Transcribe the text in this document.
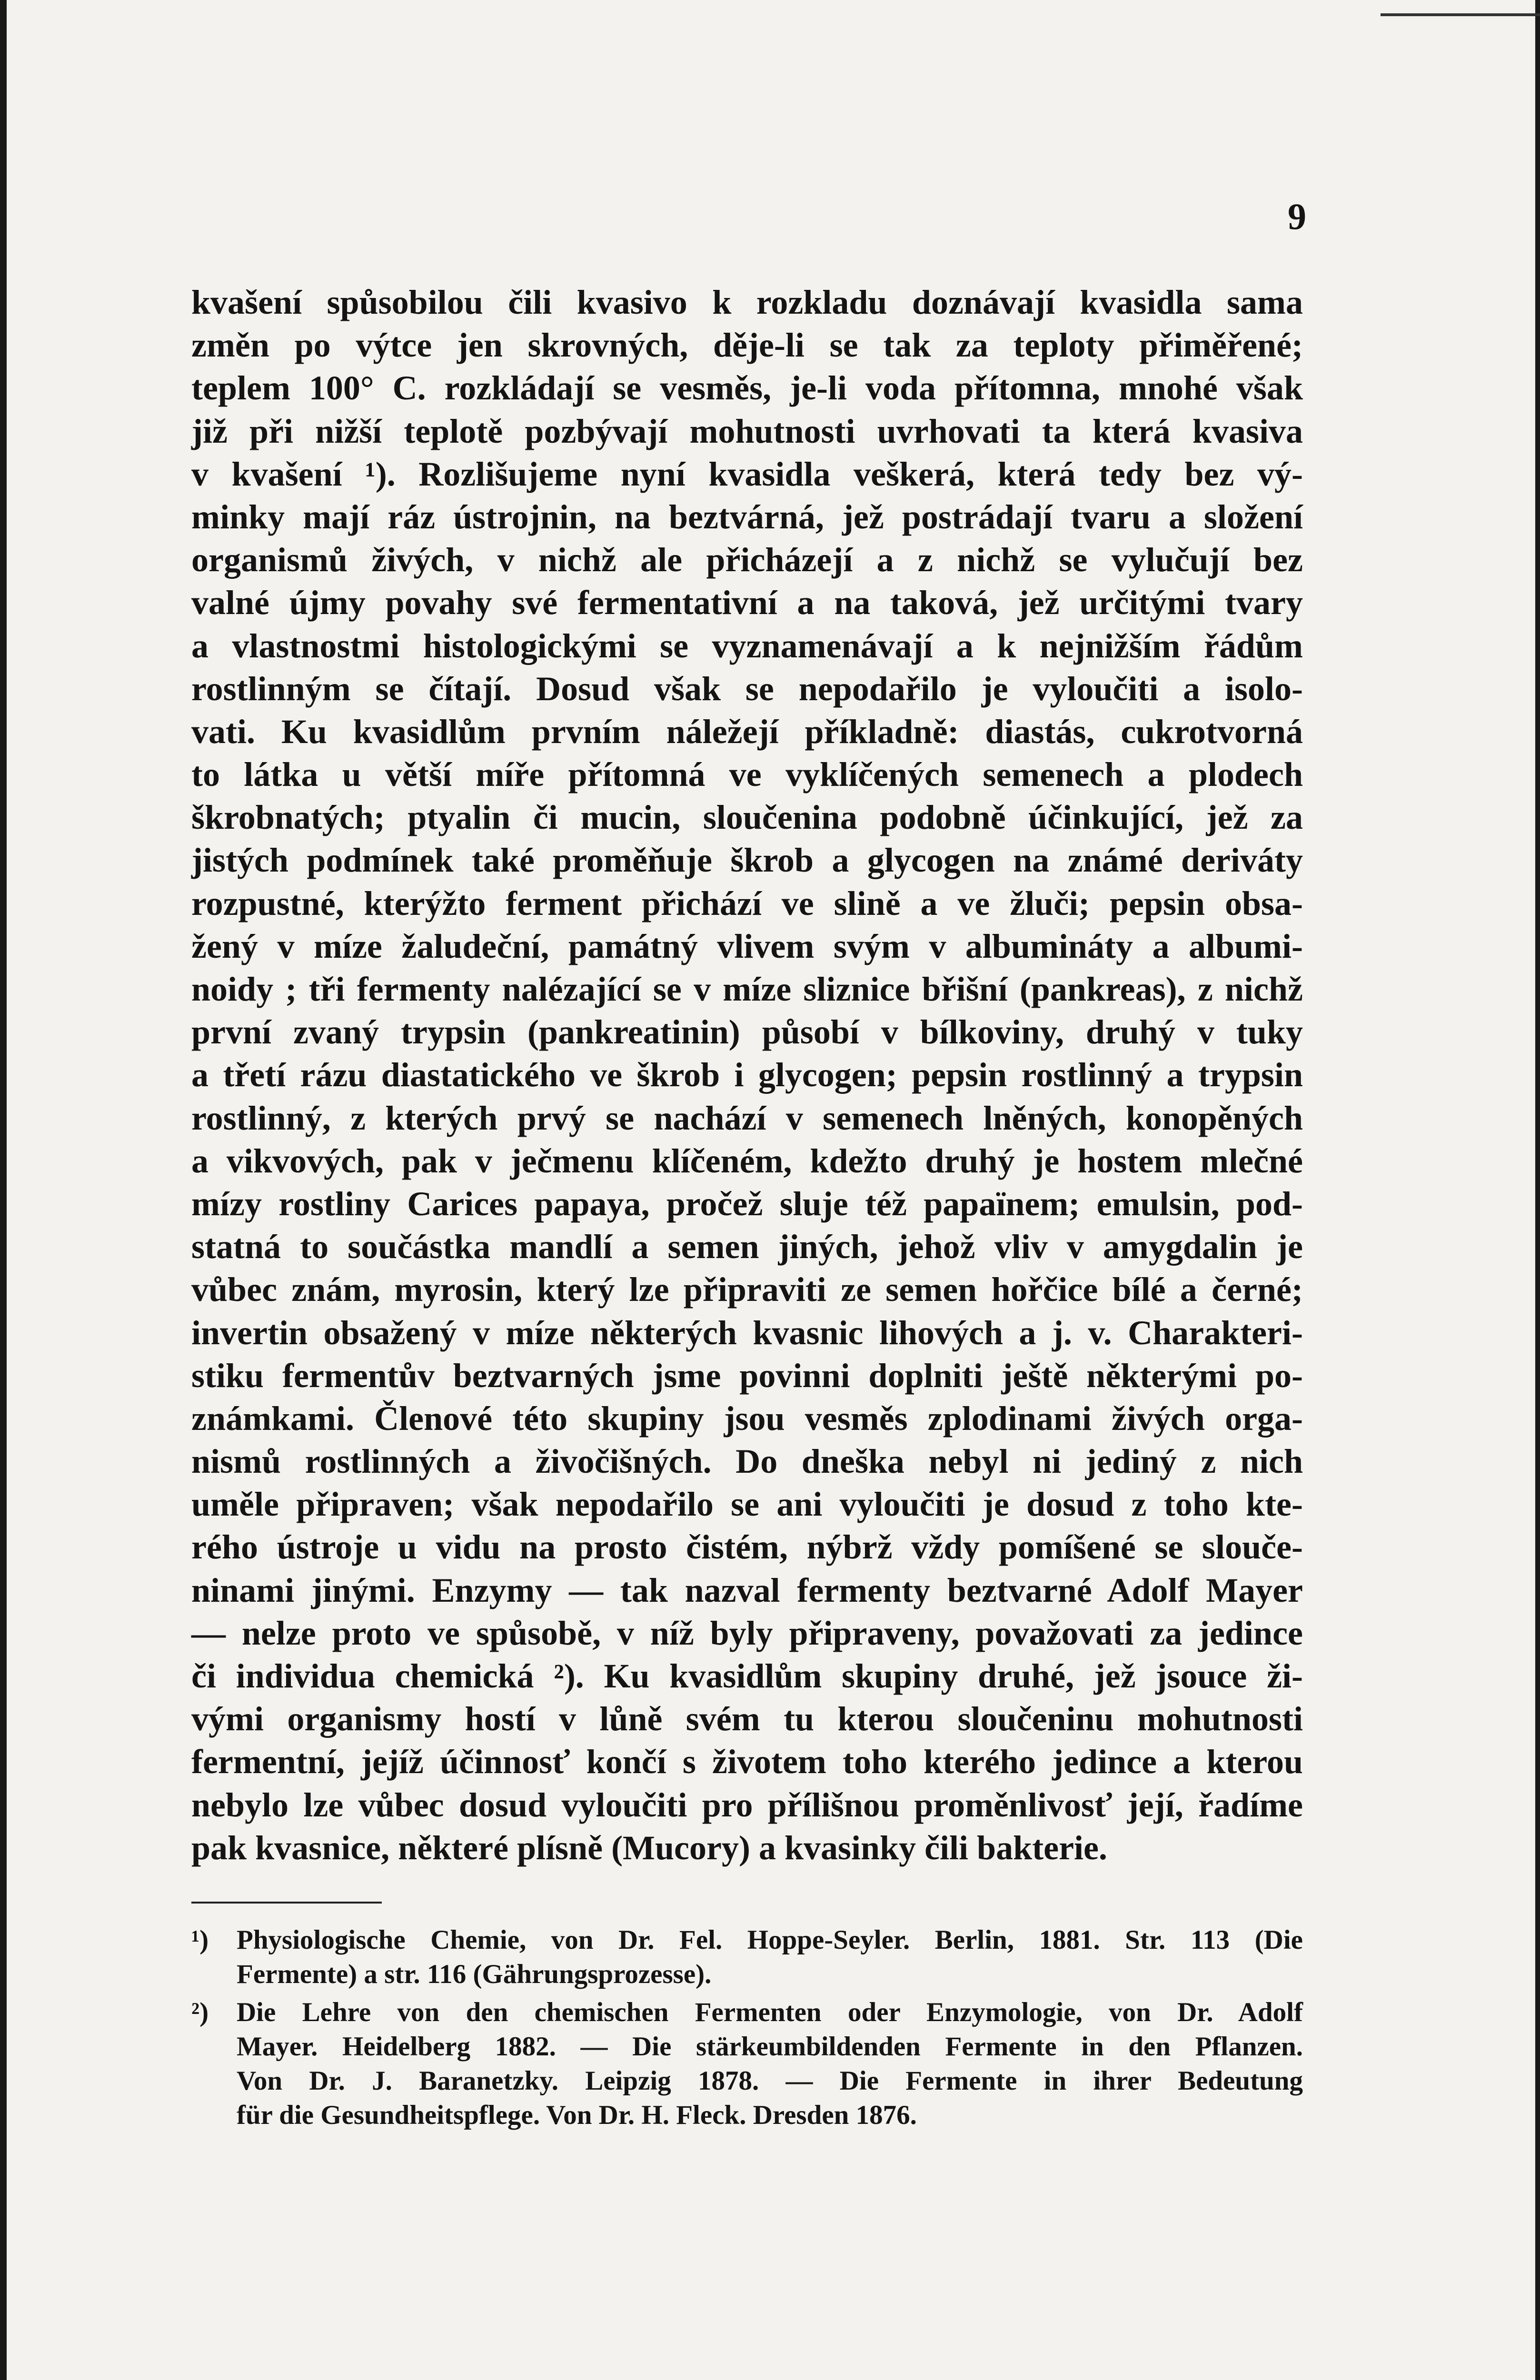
9
kvašení spůsobilou čili kvasivo k rozkladu doznávají kvasidla sama
změn po výtce jen skrovných, děje-li se tak za teploty přiměřené;
teplem 100° C. rozkládají se vesměs, je-li voda přítomna, mnohé však
již při nižší teplotě pozbývají mohutnosti uvrhovati ta která kvasiva
v kvašení ¹). Rozlišujeme nyní kvasidla veškerá, která tedy bez vý-
minky mají ráz ústrojnin, na beztvárná, jež postrádají tvaru a složení
organismů živých, v nichž ale přicházejí a z nichž se vylučují bez
valné újmy povahy své fermentativní a na taková, jež určitými tvary
a vlastnostmi histologickými se vyznamenávají a k nejnižším řádům
rostlinným se čítají. Dosud však se nepodařilo je vyloučiti a isolo-
vati. Ku kvasidlům prvním náležejí příkladně: diastás, cukrotvorná
to látka u větší míře přítomná ve vyklíčených semenech a plodech
škrobnatých; ptyalin či mucin, sloučenina podobně účinkující, jež za
jistých podmínek také proměňuje škrob a glycogen na známé deriváty
rozpustné, kterýžto ferment přichází ve slině a ve žluči; pepsin obsa-
žený v míze žaludeční, památný vlivem svým v albumináty a albumi-
noidy ; tři fermenty nalézající se v míze sliznice břišní (pankreas), z nichž
první zvaný trypsin (pankreatinin) působí v bílkoviny, druhý v tuky
a třetí rázu diastatického ve škrob i glycogen; pepsin rostlinný a trypsin
rostlinný, z kterých prvý se nachází v semenech lněných, konopěných
a vikvových, pak v ječmenu klíčeném, kdežto druhý je hostem mlečné
mízy rostliny Carices papaya, pročež sluje též papaïnem; emulsin, pod-
statná to součástka mandlí a semen jiných, jehož vliv v amygdalin je
vůbec znám, myrosin, který lze připraviti ze semen hořčice bílé a černé;
invertin obsažený v míze některých kvasnic lihových a j. v. Charakteri-
stiku fermentův beztvarných jsme povinni doplniti ještě některými po-
známkami. Členové této skupiny jsou vesměs zplodinami živých orga-
nismů rostlinných a živočišných. Do dneška nebyl ni jediný z nich
uměle připraven; však nepodařilo se ani vyloučiti je dosud z toho kte-
rého ústroje u vidu na prosto čistém, nýbrž vždy pomíšené se slouče-
ninami jinými. Enzymy — tak nazval fermenty beztvarné Adolf Mayer
— nelze proto ve spůsobě, v níž byly připraveny, považovati za jedince
či individua chemická ²). Ku kvasidlům skupiny druhé, jež jsouce ži-
vými organismy hostí v lůně svém tu kterou sloučeninu mohutnosti
fermentní, jejíž účinnosť končí s životem toho kterého jedince a kterou
nebylo lze vůbec dosud vyloučiti pro přílišnou proměnlivosť její, řadíme
pak kvasnice, některé plísně (Mucory) a kvasinky čili bakterie.
¹) Physiologische Chemie, von Dr. Fel. Hoppe-Seyler. Berlin, 1881. Str. 113 (Die
Fermente) a str. 116 (Gährungsprozesse).
²) Die Lehre von den chemischen Fermenten oder Enzymologie, von Dr. Adolf
Mayer. Heidelberg 1882. — Die stärkeumbildenden Fermente in den Pflanzen.
Von Dr. J. Baranetzky. Leipzig 1878. — Die Fermente in ihrer Bedeutung
für die Gesundheitspflege. Von Dr. H. Fleck. Dresden 1876.
